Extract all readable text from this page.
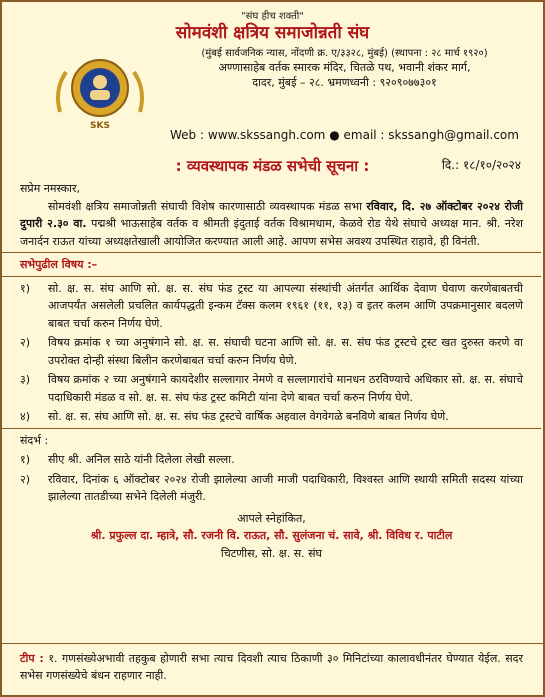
"संघ हीच शक्ती"
सोमवंशी क्षत्रिय समाजोन्नती संघ
(मुंबई सार्वजनिक न्यास, नोंदणी क्र. ए/३३२८, मुंबई) (स्थापना : २८ मार्च १९२०)
अण्णासाहेब वर्तक स्मारक मंदिर, चितळे पथ, भवानी शंकर मार्ग,
दादर, मुंबई – २८. भ्रमणध्वनी : ९२०९०७७३०१
SKS
Web : www.skssangh.com ● email : skssangh@gmail.com
: व्यवस्थापक मंडळ सभेची सूचना :	दि.: १८/१०/२०२४

सप्रेम नमस्कार,

सोमवंशी क्षत्रिय समाजोन्नती संघाची विशेष कारणासाठी व्यवस्थापक मंडळ सभा रविवार, दि. २७ ऑक्टोबर २०२४ रोजी दुपारी २.३० वा. पद्मश्री भाऊसाहेब वर्तक व श्रीमती इंदुताई वर्तक विश्रामधाम, केळवे रोड येथे संघाचे अध्यक्ष मान. श्री. नरेश जनार्दन राऊत यांच्या अध्यक्षतेखाली आयोजित करण्यात आली आहे. आपण सभेस अवश्य उपस्थित राहावे, ही विनंती.

सभेपुढील विषय :–

१) सो. क्ष. स. संघ आणि सो. क्ष. स. संघ फंड ट्रस्ट या आपल्या संस्थांची अंतर्गत आर्थिक देवाण घेवाण करणेबाबतची आजपर्यंत असलेली प्रचलित कार्यपद्धती इन्कम टॅक्स कलम १९६१ (११, १३) व इतर कलम आणि उपक्रमानुसार बदलणे बाबत चर्चा करुन निर्णय घेणे.
२) विषय क्रमांक १ च्या अनुषंगाने सो. क्ष. स. संघाची घटना आणि सो. क्ष. स. संघ फंड ट्रस्टचे ट्रस्ट खत दुरुस्त करणे वा उपरोक्त दोन्ही संस्था बिलीन करणेबाबत चर्चा करुन निर्णय घेणे.
३) विषय क्रमांक २ च्या अनुषंगाने कायदेशीर सल्लागार नेमणे व सल्लागारांचे मानधन ठरविण्याचे अधिकार सो. क्ष. स. संघाचे पदाधिकारी मंडळ व सो. क्ष. स. संघ फंड ट्रस्ट कमिटी यांना देणे बाबत चर्चा करुन निर्णय घेणे.
४) सो. क्ष. स. संघ आणि सो. क्ष. स. संघ फंड ट्रस्टचे वार्षिक अहवाल वेगवेगळे बनविणे बाबत निर्णय घेणे.

संदर्भ :

१) सीए श्री. अनिल साठे यांनी दिलेला लेखी सल्ला.
२) रविवार, दिनांक ६ ऑक्टोबर २०२४ रोजी झालेल्या आजी माजी पदाधिकारी, विश्वस्त आणि स्थायी समिती सदस्य यांच्या झालेल्या तातडीच्या सभेने दिलेली मंजुरी.
आपले स्नेहांकित,
श्री. प्रफुल्ल दा. म्हात्रे, सौ. रजनी वि. राऊत, सौ. सुलंजना चं. सावे, श्री. विविध र. पाटील
चिटणीस, सो. क्ष. स. संघ
टीप : १. गणसंख्येअभावी तहकुब होणारी सभा त्याच दिवशी त्याच ठिकाणी ३० मिनिटांच्या कालावधीनंतर घेण्यात येईल. सदर सभेस गणसंख्येचे बंधन राहणार नाही.
